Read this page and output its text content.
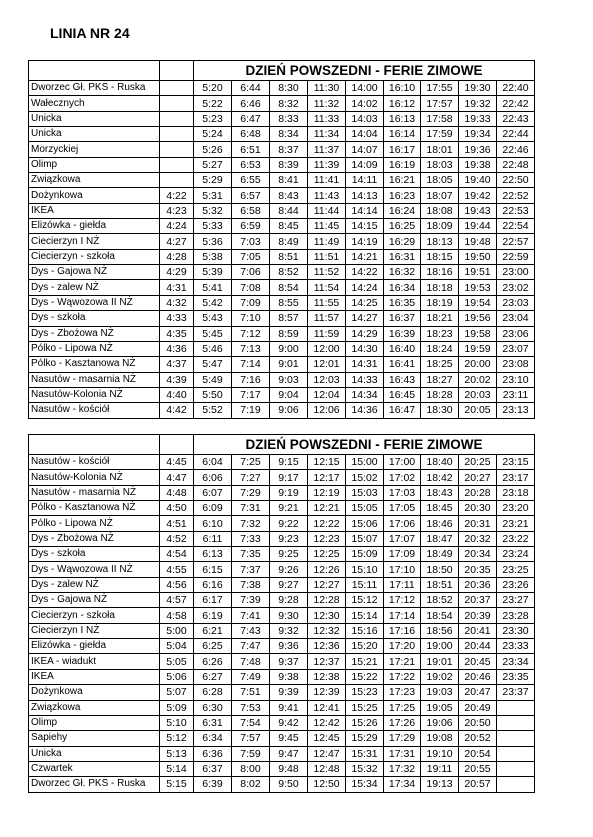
LINIA NR 24
		DZIEŃ POWSZEDNI - FERIE ZIMOWE								
Dworzec Gł. PKS - Ruska		5:20	6:44	8:30	11:30	14:00	16:10	17:55	19:30	22:40
Wałecznych		5:22	6:46	8:32	11:32	14:02	16:12	17:57	19:32	22:42
Unicka		5:23	6:47	8:33	11:33	14:03	16:13	17:58	19:33	22:43
Unicka		5:24	6:48	8:34	11:34	14:04	16:14	17:59	19:34	22:44
Morzyckiej		5:26	6:51	8:37	11:37	14:07	16:17	18:01	19:36	22:46
Olimp		5:27	6:53	8:39	11:39	14:09	16:19	18:03	19:38	22:48
Związkowa		5:29	6:55	8:41	11:41	14:11	16:21	18:05	19:40	22:50
Dożynkowa	4:22	5:31	6:57	8:43	11:43	14:13	16:23	18:07	19:42	22:52
IKEA	4:23	5:32	6:58	8:44	11:44	14:14	16:24	18:08	19:43	22:53
Elizówka - giełda	4:24	5:33	6:59	8:45	11:45	14:15	16:25	18:09	19:44	22:54
Ciecierzyn I NŻ	4:27	5:36	7:03	8:49	11:49	14:19	16:29	18:13	19:48	22:57
Ciecierzyn - szkoła	4:28	5:38	7:05	8:51	11:51	14:21	16:31	18:15	19:50	22:59
Dys - Gajowa NŻ	4:29	5:39	7:06	8:52	11:52	14:22	16:32	18:16	19:51	23:00
Dys - zalew NŻ	4:31	5:41	7:08	8:54	11:54	14:24	16:34	18:18	19:53	23:02
Dys - Wąwozowa II NŻ	4:32	5:42	7:09	8:55	11:55	14:25	16:35	18:19	19:54	23:03
Dys - szkoła	4:33	5:43	7:10	8:57	11:57	14:27	16:37	18:21	19:56	23:04
Dys - Zbożowa NŻ	4:35	5:45	7:12	8:59	11:59	14:29	16:39	18:23	19:58	23:06
Pólko - Lipowa NŻ	4:36	5:46	7:13	9:00	12:00	14:30	16:40	18:24	19:59	23:07
Pólko - Kasztanowa NŻ	4:37	5:47	7:14	9:01	12:01	14:31	16:41	18:25	20:00	23:08
Nasutów - masarnia NŻ	4:39	5:49	7:16	9:03	12:03	14:33	16:43	18:27	20:02	23:10
Nasutów-Kolonia NŻ	4:40	5:50	7:17	9:04	12:04	14:34	16:45	18:28	20:03	23:11
Nasutów - kościół	4:42	5:52	7:19	9:06	12:06	14:36	16:47	18:30	20:05	23:13
		DZIEŃ POWSZEDNI - FERIE ZIMOWE								
Nasutów - kościół	4:45	6:04	7:25	9:15	12:15	15:00	17:00	18:40	20:25	23:15
Nasutów-Kolonia NŻ	4:47	6:06	7:27	9:17	12:17	15:02	17:02	18:42	20:27	23:17
Nasutów - masarnia NŻ	4:48	6:07	7:29	9:19	12:19	15:03	17:03	18:43	20:28	23:18
Pólko - Kasztanowa NŻ	4:50	6:09	7:31	9:21	12:21	15:05	17:05	18:45	20:30	23:20
Pólko - Lipowa NŻ	4:51	6:10	7:32	9:22	12:22	15:06	17:06	18:46	20:31	23:21
Dys - Zbożowa NŻ	4:52	6:11	7:33	9:23	12:23	15:07	17:07	18:47	20:32	23:22
Dys - szkoła	4:54	6:13	7:35	9:25	12:25	15:09	17:09	18:49	20:34	23:24
Dys - Wąwozowa II NŻ	4:55	6:15	7:37	9:26	12:26	15:10	17:10	18:50	20:35	23:25
Dys - zalew NŻ	4:56	6:16	7:38	9:27	12:27	15:11	17:11	18:51	20:36	23:26
Dys - Gajowa NŻ	4:57	6:17	7:39	9:28	12:28	15:12	17:12	18:52	20:37	23:27
Ciecierzyn - szkoła	4:58	6:19	7:41	9:30	12:30	15:14	17:14	18:54	20:39	23:28
Ciecierzyn I NŻ	5:00	6:21	7:43	9:32	12:32	15:16	17:16	18:56	20:41	23:30
Elizówka - giełda	5:04	6:25	7:47	9:36	12:36	15:20	17:20	19:00	20:44	23:33
IKEA - wiadukt	5:05	6:26	7:48	9:37	12:37	15:21	17:21	19:01	20:45	23:34
IKEA	5:06	6:27	7:49	9:38	12:38	15:22	17:22	19:02	20:46	23:35
Dożynkowa	5:07	6:28	7:51	9:39	12:39	15:23	17:23	19:03	20:47	23:37
Związkowa	5:09	6:30	7:53	9:41	12:41	15:25	17:25	19:05	20:49	
Olimp	5:10	6:31	7:54	9:42	12:42	15:26	17:26	19:06	20:50	
Sapiehy	5:12	6:34	7:57	9:45	12:45	15:29	17:29	19:08	20:52	
Unicka	5:13	6:36	7:59	9:47	12:47	15:31	17:31	19:10	20:54	
Czwartek	5:14	6:37	8:00	9:48	12:48	15:32	17:32	19:11	20:55	
Dworzec Gł. PKS - Ruska	5:15	6:39	8:02	9:50	12:50	15:34	17:34	19:13	20:57	
